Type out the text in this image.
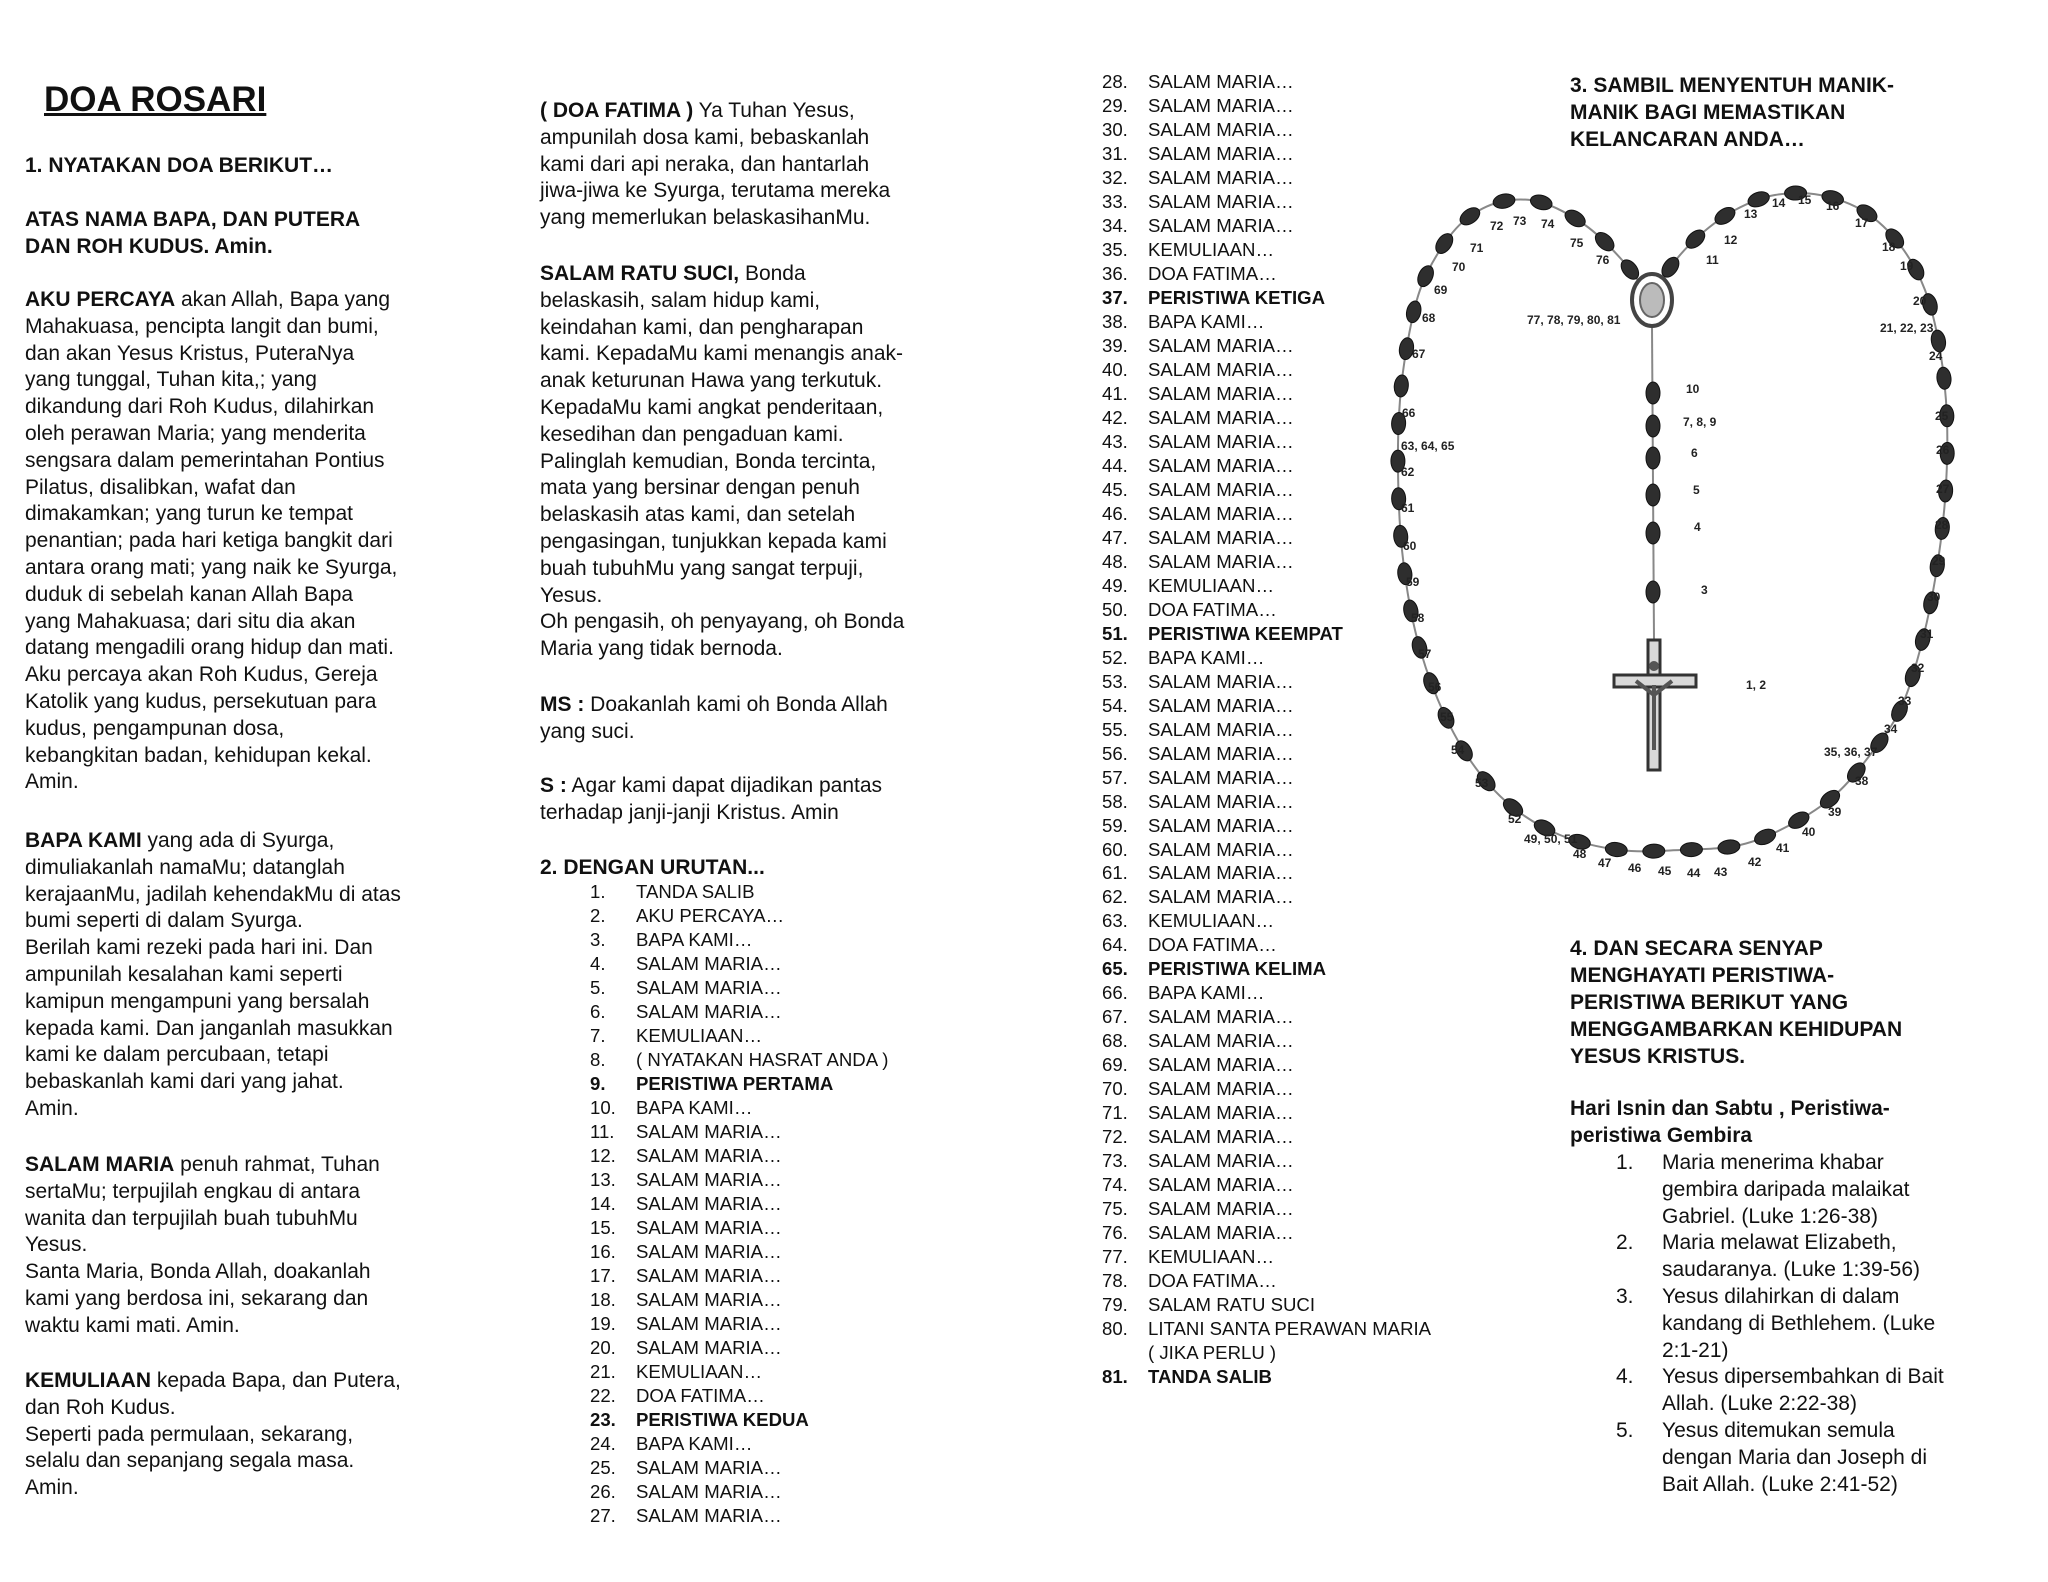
DOA ROSARI
1. NYATAKAN DOA BERIKUT…
ATAS NAMA BAPA, DAN PUTERA
DAN ROH KUDUS. Amin.
AKU PERCAYA akan Allah, Bapa yang
Mahakuasa, pencipta langit dan bumi,
dan akan Yesus Kristus, PuteraNya
yang tunggal, Tuhan kita,; yang
dikandung dari Roh Kudus, dilahirkan
oleh perawan Maria; yang menderita
sengsara dalam pemerintahan Pontius
Pilatus, disalibkan, wafat dan
dimakamkan; yang turun ke tempat
penantian; pada hari ketiga bangkit dari
antara orang mati; yang naik ke Syurga,
duduk di sebelah kanan Allah Bapa
yang Mahakuasa; dari situ dia akan
datang mengadili orang hidup dan mati.
Aku percaya akan Roh Kudus, Gereja
Katolik yang kudus, persekutuan para
kudus, pengampunan dosa,
kebangkitan badan, kehidupan kekal.
Amin.
BAPA KAMI yang ada di Syurga,
dimuliakanlah namaMu; datanglah
kerajaanMu, jadilah kehendakMu di atas
bumi seperti di dalam Syurga.
Berilah kami rezeki pada hari ini. Dan
ampunilah kesalahan kami seperti
kamipun mengampuni yang bersalah
kepada kami. Dan janganlah masukkan
kami ke dalam percubaan, tetapi
bebaskanlah kami dari yang jahat.
Amin.
SALAM MARIA penuh rahmat, Tuhan
sertaMu; terpujilah engkau di antara
wanita dan terpujilah buah tubuhMu
Yesus.
Santa Maria, Bonda Allah, doakanlah
kami yang berdosa ini, sekarang dan
waktu kami mati. Amin.
KEMULIAAN kepada Bapa, dan Putera,
dan Roh Kudus.
Seperti pada permulaan, sekarang,
selalu dan sepanjang segala masa.
Amin.
( DOA FATIMA ) Ya Tuhan Yesus,
ampunilah dosa kami, bebaskanlah
kami dari api neraka, dan hantarlah
jiwa-jiwa ke Syurga, terutama mereka
yang memerlukan belaskasihanMu.
SALAM RATU SUCI, Bonda
belaskasih, salam hidup kami,
keindahan kami, dan pengharapan
kami. KepadaMu kami menangis anak-
anak keturunan Hawa yang terkutuk.
KepadaMu kami angkat penderitaan,
kesedihan dan pengaduan kami.
Palinglah kemudian, Bonda tercinta,
mata yang bersinar dengan penuh
belaskasih atas kami, dan setelah
pengasingan, tunjukkan kepada kami
buah tubuhMu yang sangat terpuji,
Yesus.
Oh pengasih, oh penyayang, oh Bonda
Maria yang tidak bernoda.
MS : Doakanlah kami oh Bonda Allah
yang suci.
S : Agar kami dapat dijadikan pantas
terhadap janji-janji Kristus. Amin
2. DENGAN URUTAN...
1.	TANDA SALIB
2.	AKU PERCAYA…
3.	BAPA KAMI…
4.	SALAM MARIA…
5.	SALAM MARIA…
6.	SALAM MARIA…
7.	KEMULIAAN…
8.	( NYATAKAN HASRAT ANDA )
9.	PERISTIWA PERTAMA
10.	BAPA KAMI…
11.	SALAM MARIA…
12.	SALAM MARIA…
13.	SALAM MARIA…
14.	SALAM MARIA…
15.	SALAM MARIA…
16.	SALAM MARIA…
17.	SALAM MARIA…
18.	SALAM MARIA…
19.	SALAM MARIA…
20.	SALAM MARIA…
21.	KEMULIAAN…
22.	DOA FATIMA…
23.	PERISTIWA KEDUA
24.	BAPA KAMI…
25.	SALAM MARIA…
26.	SALAM MARIA…
27.	SALAM MARIA…
28.	SALAM MARIA…
29.	SALAM MARIA…
30.	SALAM MARIA…
31.	SALAM MARIA…
32.	SALAM MARIA…
33.	SALAM MARIA…
34.	SALAM MARIA…
35.	KEMULIAAN…
36.	DOA FATIMA…
37.	PERISTIWA KETIGA
38.	BAPA KAMI…
39.	SALAM MARIA…
40.	SALAM MARIA…
41.	SALAM MARIA…
42.	SALAM MARIA…
43.	SALAM MARIA…
44.	SALAM MARIA…
45.	SALAM MARIA…
46.	SALAM MARIA…
47.	SALAM MARIA…
48.	SALAM MARIA…
49.	KEMULIAAN…
50.	DOA FATIMA…
51.	PERISTIWA KEEMPAT
52.	BAPA KAMI…
53.	SALAM MARIA…
54.	SALAM MARIA…
55.	SALAM MARIA…
56.	SALAM MARIA…
57.	SALAM MARIA…
58.	SALAM MARIA…
59.	SALAM MARIA…
60.	SALAM MARIA…
61.	SALAM MARIA…
62.	SALAM MARIA…
63.	KEMULIAAN…
64.	DOA FATIMA…
65.	PERISTIWA KELIMA
66.	BAPA KAMI…
67.	SALAM MARIA…
68.	SALAM MARIA…
69.	SALAM MARIA…
70.	SALAM MARIA…
71.	SALAM MARIA…
72.	SALAM MARIA…
73.	SALAM MARIA…
74.	SALAM MARIA…
75.	SALAM MARIA…
76.	SALAM MARIA…
77.	KEMULIAAN…
78.	DOA FATIMA…
79.	SALAM RATU SUCI
80.	LITANI SANTA PERAWAN MARIA
( JIKA PERLU )
81.	TANDA SALIB
3. SAMBIL MENYENTUH MANIK-
MANIK BAGI MEMASTIKAN
KELANCARAN ANDA…
1, 2
3
4
5
6
7, 8, 9
10
11
12
13
14 15 16
17
18
19
20
21, 22, 23
24
25
26
27
28
29
30
31
32
33
34
35, 36, 37
38
39
40
41
42
43
44
45
46
47
48
49, 50, 51
52
53
54
55
56
57
58
59
60
61
62
63, 64, 65
66
67
68
69
70
71
72 73 74
75
76
77, 78, 79, 80, 81
4. DAN SECARA SENYAP
MENGHAYATI PERISTIWA-
PERISTIWA BERIKUT YANG
MENGGAMBARKAN KEHIDUPAN
YESUS KRISTUS.
Hari Isnin dan Sabtu , Peristiwa-
peristiwa Gembira
1.	Maria menerima khabar
gembira daripada malaikat
Gabriel. (Luke 1:26-38)
2.	Maria melawat Elizabeth,
saudaranya. (Luke 1:39-56)
3.	Yesus dilahirkan di dalam
kandang di Bethlehem. (Luke
2:1-21)
4.	Yesus dipersembahkan di Bait
Allah. (Luke 2:22-38)
5.	Yesus ditemukan semula
dengan Maria dan Joseph di
Bait Allah. (Luke 2:41-52)
